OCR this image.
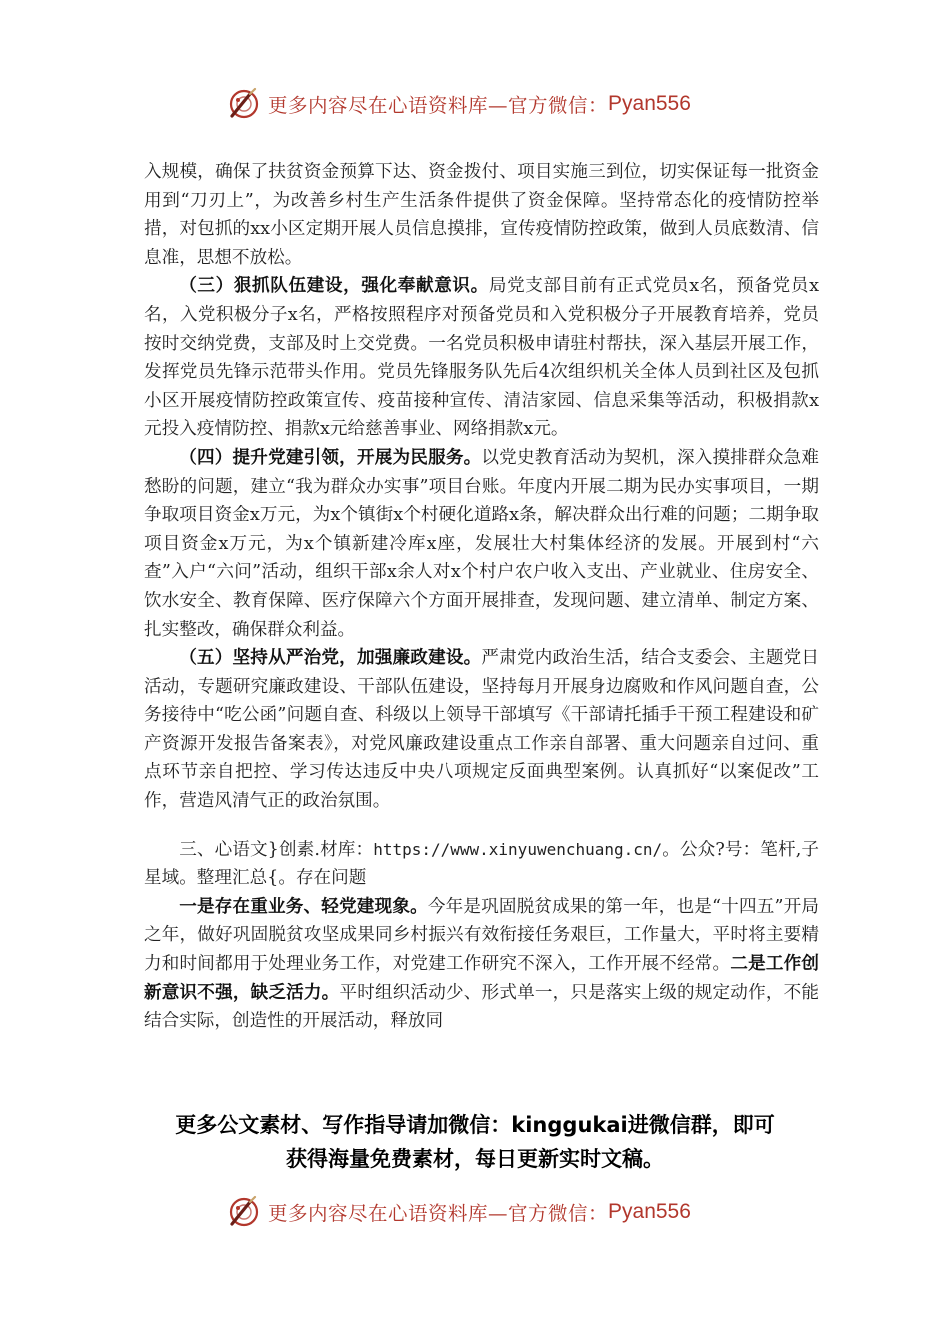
更多内容尽在心语资料库—官方微信： Pyan556

入规模，确保了扶贫资金预算下达、资金拨付、项目实施三到位，切实保证每一批资金用到“刀刃上”，为改善乡村生产生活条件提供了资金保障。坚持常态化的疫情防控举措，对包抓的xx小区定期开展人员信息摸排，宣传疫情防控政策，做到人员底数清、信息准，思想不放松。

（三）狠抓队伍建设，强化奉献意识。局党支部目前有正式党员x名，预备党员x名，入党积极分子x名，严格按照程序对预备党员和入党积极分子开展教育培养，党员按时交纳党费，支部及时上交党费。一名党员积极申请驻村帮扶，深入基层开展工作，发挥党员先锋示范带头作用。党员先锋服务队先后4次组织机关全体人员到社区及包抓小区开展疫情防控政策宣传、疫苗接种宣传、清洁家园、信息采集等活动，积极捐款x元投入疫情防控、捐款x元给慈善事业、网络捐款x元。

（四）提升党建引领，开展为民服务。以党史教育活动为契机，深入摸排群众急难愁盼的问题，建立“我为群众办实事”项目台账。年度内开展二期为民办实事项目，一期争取项目资金x万元，为x个镇街x个村硬化道路x条，解决群众出行难的问题；二期争取项目资金x万元，为x个镇新建冷库x座，发展壮大村集体经济的发展。开展到村“六查”入户“六问”活动，组织干部x余人对x个村户农户收入支出、产业就业、住房安全、饮水安全、教育保障、医疗保障六个方面开展排查，发现问题、建立清单、制定方案、扎实整改，确保群众利益。

（五）坚持从严治党，加强廉政建设。严肃党内政治生活，结合支委会、主题党日活动，专题研究廉政建设、干部队伍建设，坚持每月开展身边腐败和作风问题自查，公务接待中“吃公函”问题自查、科级以上领导干部填写《干部请托插手干预工程建设和矿产资源开发报告备案表》，对党风廉政建设重点工作亲自部署、重大问题亲自过问、重点环节亲自把控、学习传达违反中央八项规定反面典型案例。认真抓好“以案促改”工作，营造风清气正的政治氛围。

三、心语文}创素.材库：https://www.xinyuwenchuang.cn/。公众?号：笔杆,子星域。整理汇总{。存在问题

一是存在重业务、轻党建现象。今年是巩固脱贫成果的第一年，也是“十四五”开局之年，做好巩固脱贫攻坚成果同乡村振兴有效衔接任务艰巨，工作量大，平时将主要精力和时间都用于处理业务工作，对党建工作研究不深入，工作开展不经常。二是工作创新意识不强，缺乏活力。平时组织活动少、形式单一，只是落实上级的规定动作，不能结合实际，创造性的开展活动，释放同

更多公文素材、写作指导请加微信：kinggukai进微信群，即可
获得海量免费素材，每日更新实时文稿。
更多内容尽在心语资料库—官方微信： Pyan556
